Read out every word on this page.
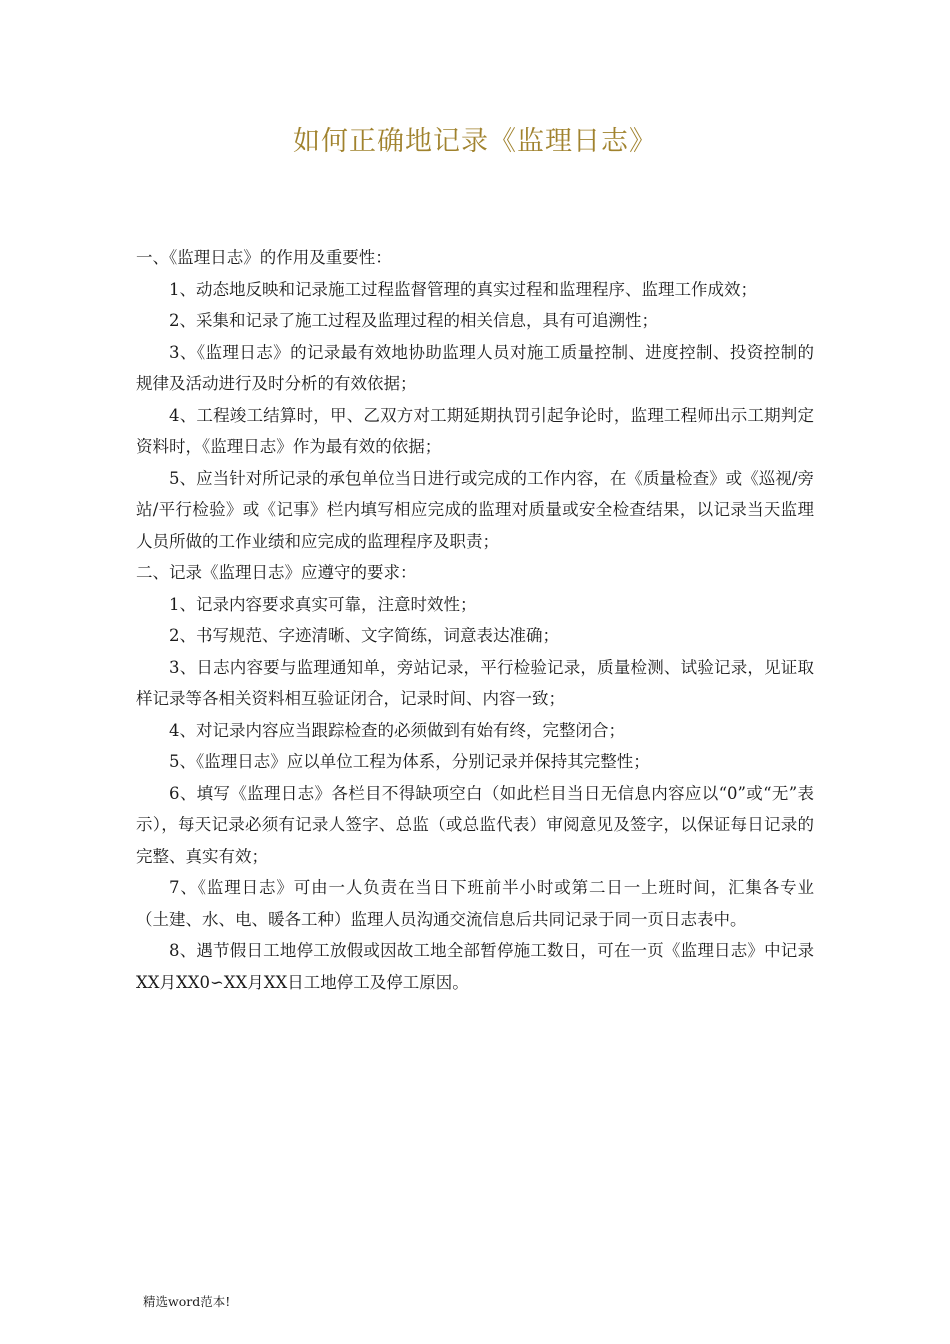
如何正确地记录《监理日志》

一、《监理日志》的作用及重要性：

1、动态地反映和记录施工过程监督管理的真实过程和监理程序、监理工作成效；

2、采集和记录了施工过程及监理过程的相关信息，具有可追溯性；

3、《监理日志》的记录最有效地协助监理人员对施工质量控制、进度控制、投资控制的规律及活动进行及时分析的有效依据；

4、工程竣工结算时，甲、乙双方对工期延期执罚引起争论时，监理工程师出示工期判定资料时，《监理日志》作为最有效的依据；

5、应当针对所记录的承包单位当日进行或完成的工作内容，在《质量检查》或《巡视/旁站/平行检验》或《记事》栏内填写相应完成的监理对质量或安全检查结果，以记录当天监理人员所做的工作业绩和应完成的监理程序及职责；

二、记录《监理日志》应遵守的要求：

1、记录内容要求真实可靠，注意时效性；

2、书写规范、字迹清晰、文字简练，词意表达准确；

3、日志内容要与监理通知单，旁站记录，平行检验记录，质量检测、试验记录，见证取样记录等各相关资料相互验证闭合，记录时间、内容一致；

4、对记录内容应当跟踪检查的必须做到有始有终，完整闭合；

5、《监理日志》应以单位工程为体系，分别记录并保持其完整性；

6、填写《监理日志》各栏目不得缺项空白（如此栏目当日无信息内容应以“0”或“无”表示），每天记录必须有记录人签字、总监（或总监代表）审阅意见及签字，以保证每日记录的完整、真实有效；

7、《监理日志》可由一人负责在当日下班前半小时或第二日一上班时间，汇集各专业（土建、水、电、暖各工种）监理人员沟通交流信息后共同记录于同一页日志表中。

8、遇节假日工地停工放假或因故工地全部暂停施工数日，可在一页《监理日志》中记录XX月XX0∽XX月XX日工地停工及停工原因。

精选word范本!
